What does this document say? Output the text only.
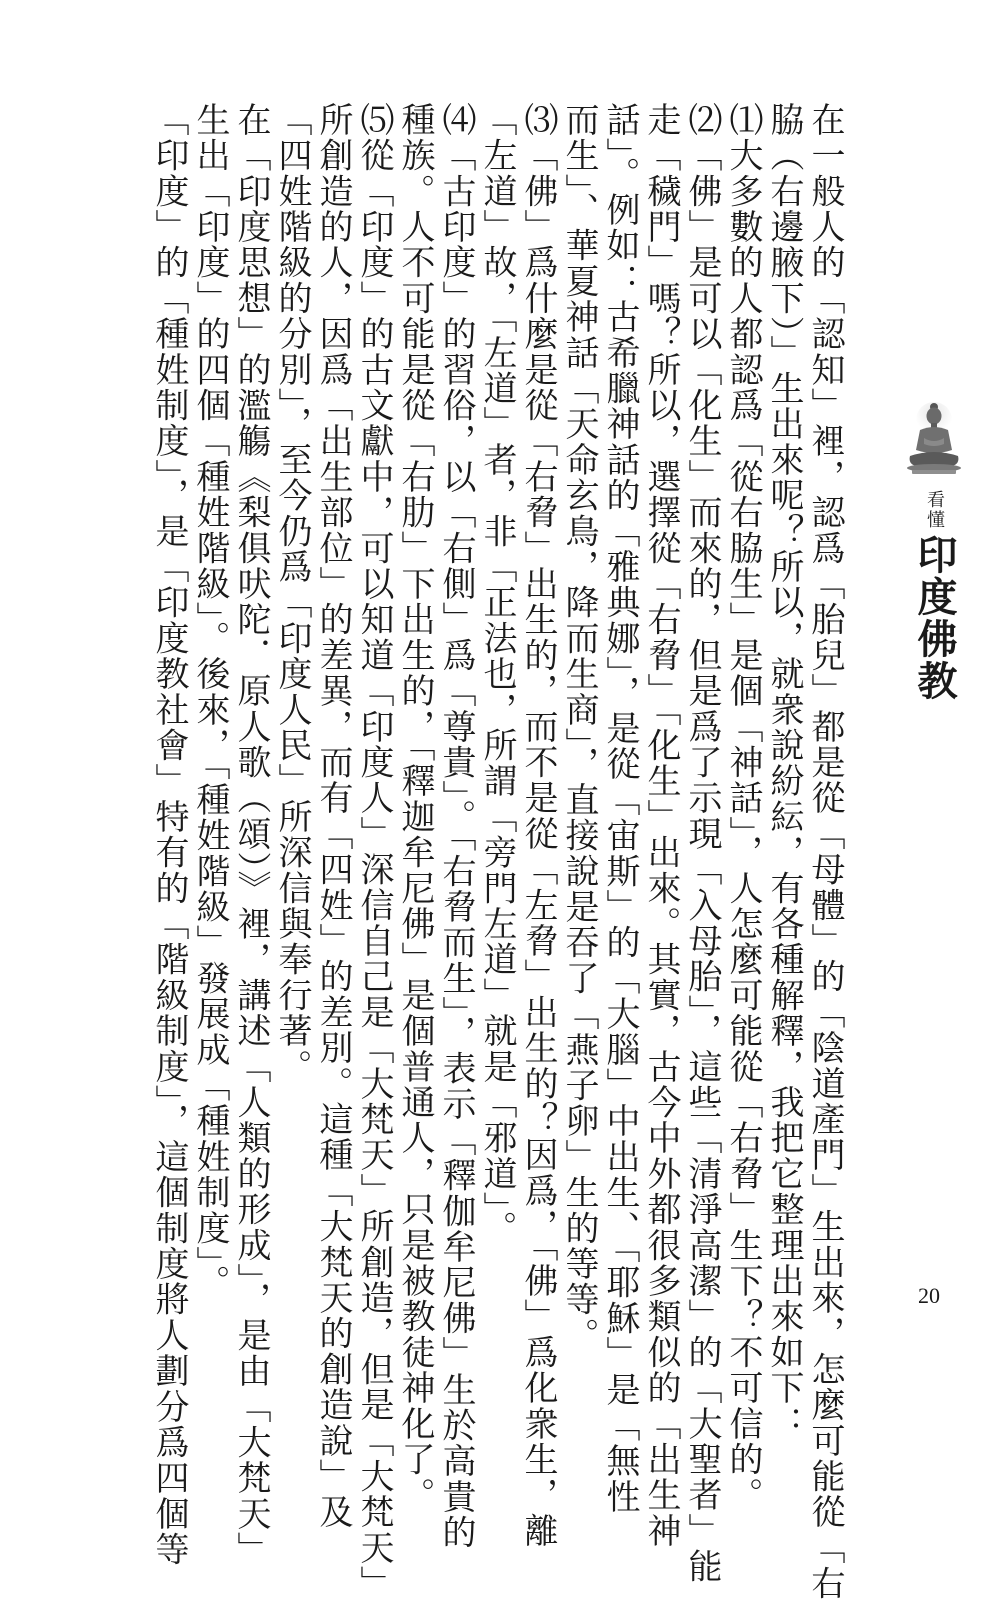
在一般人的「認知」裡，認爲「胎兒」都是從「母體」的「陰道產門」生出來，怎麼可能從「右

脇（右邊腋下）」生出來呢？所以，就衆說紛紜，有各種解釋，我把它整理出來如下：

⑴大多數的人都認爲「從右脇生」是個「神話」，人怎麼可能從「右脅」生下？不可信的。

⑵「佛」是可以「化生」而來的，但是爲了示現「入母胎」，這些「清淨高潔」的「大聖者」能

走「穢門」嗎？所以，選擇從「右脅」「化生」出來。其實，古今中外都很多類似的「出生神

話」。例如：古希臘神話的「雅典娜」，是從「宙斯」的「大腦」中出生、「耶穌」是「無性

而生」、華夏神話「天命玄鳥，降而生商」，直接說是吞了「燕子卵」生的等等。

⑶「佛」爲什麼是從「右脅」出生的，而不是從「左脅」出生的？因爲，「佛」爲化衆生，離

「左道」故，「左道」者，非「正法也，所謂「旁門左道」就是「邪道」。

⑷「古印度」的習俗，以「右側」爲「尊貴」。「右脅而生」，表示「釋伽牟尼佛」生於高貴的

種族。人不可能是從「右肋」下出生的，「釋迦牟尼佛」是個普通人，只是被教徒神化了。

⑸從「印度」的古文獻中，可以知道「印度人」深信自己是「大梵天」所創造，但是「大梵天」

所創造的人，因爲「出生部位」的差異，而有「四姓」的差別。這種「大梵天的創造說」及

「四姓階級的分別」，至今仍爲「印度人民」所深信與奉行著。

在「印度思想」的濫觴《梨俱吠陀．原人歌（頌）》裡，講述「人類的形成」，是由「大梵天」

生出「印度」的四個「種姓階級」。後來，「種姓階級」發展成「種姓制度」。

「印度」的「種姓制度」，是「印度教社會」特有的「階級制度」，這個制度將人劃分爲四個等	看懂
印度佛教
20
